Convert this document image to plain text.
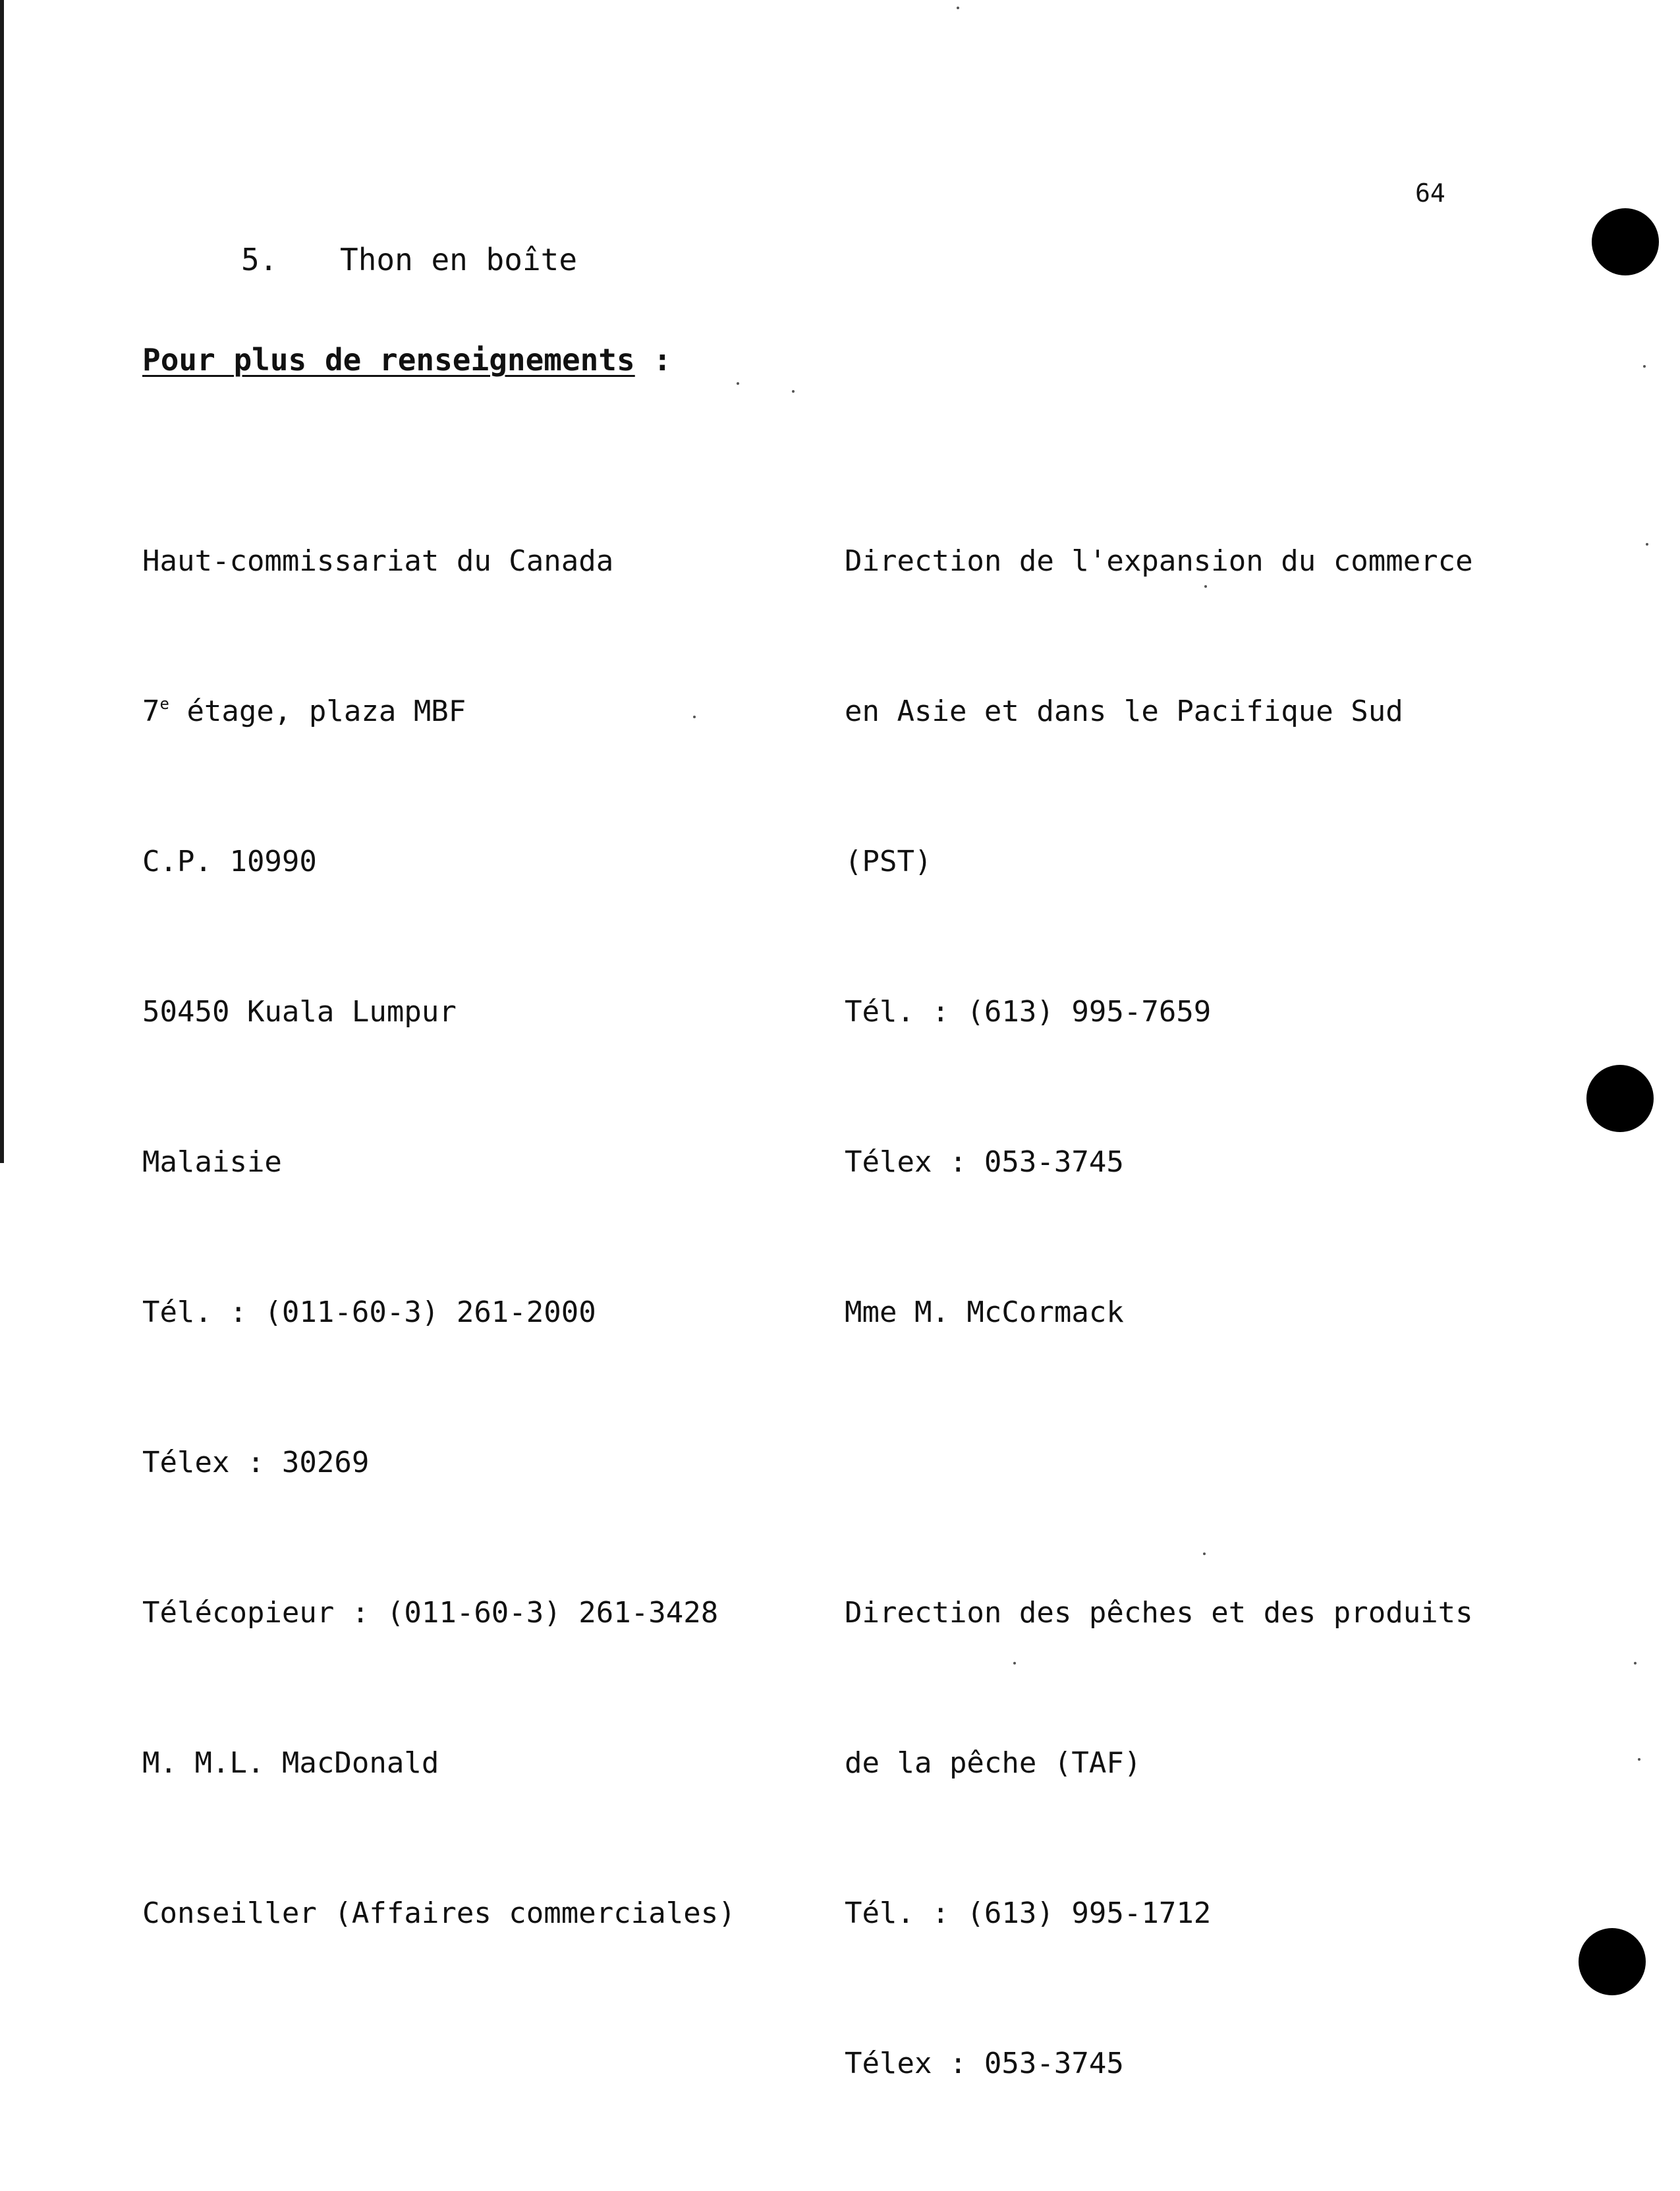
64
5. Thon en boîte
Pour plus de renseignements :

Haut-commissariat du Canada

7e étage, plaza MBF

C.P. 10990

50450 Kuala Lumpur

Malaisie

Tél. : (011-60-3) 261-2000

Télex : 30269

Télécopieur : (011-60-3) 261-3428

M. M.L. MacDonald

Conseiller (Affaires commerciales)

Direction de l'expansion du commerce

en Asie et dans le Pacifique Sud

(PST)

Tél. : (613) 995-7659

Télex : 053-3745

Mme M. McCormack

Direction des pêches et des produits

de la pêche (TAF)

Tél. : (613) 995-1712

Télex : 053-3745
